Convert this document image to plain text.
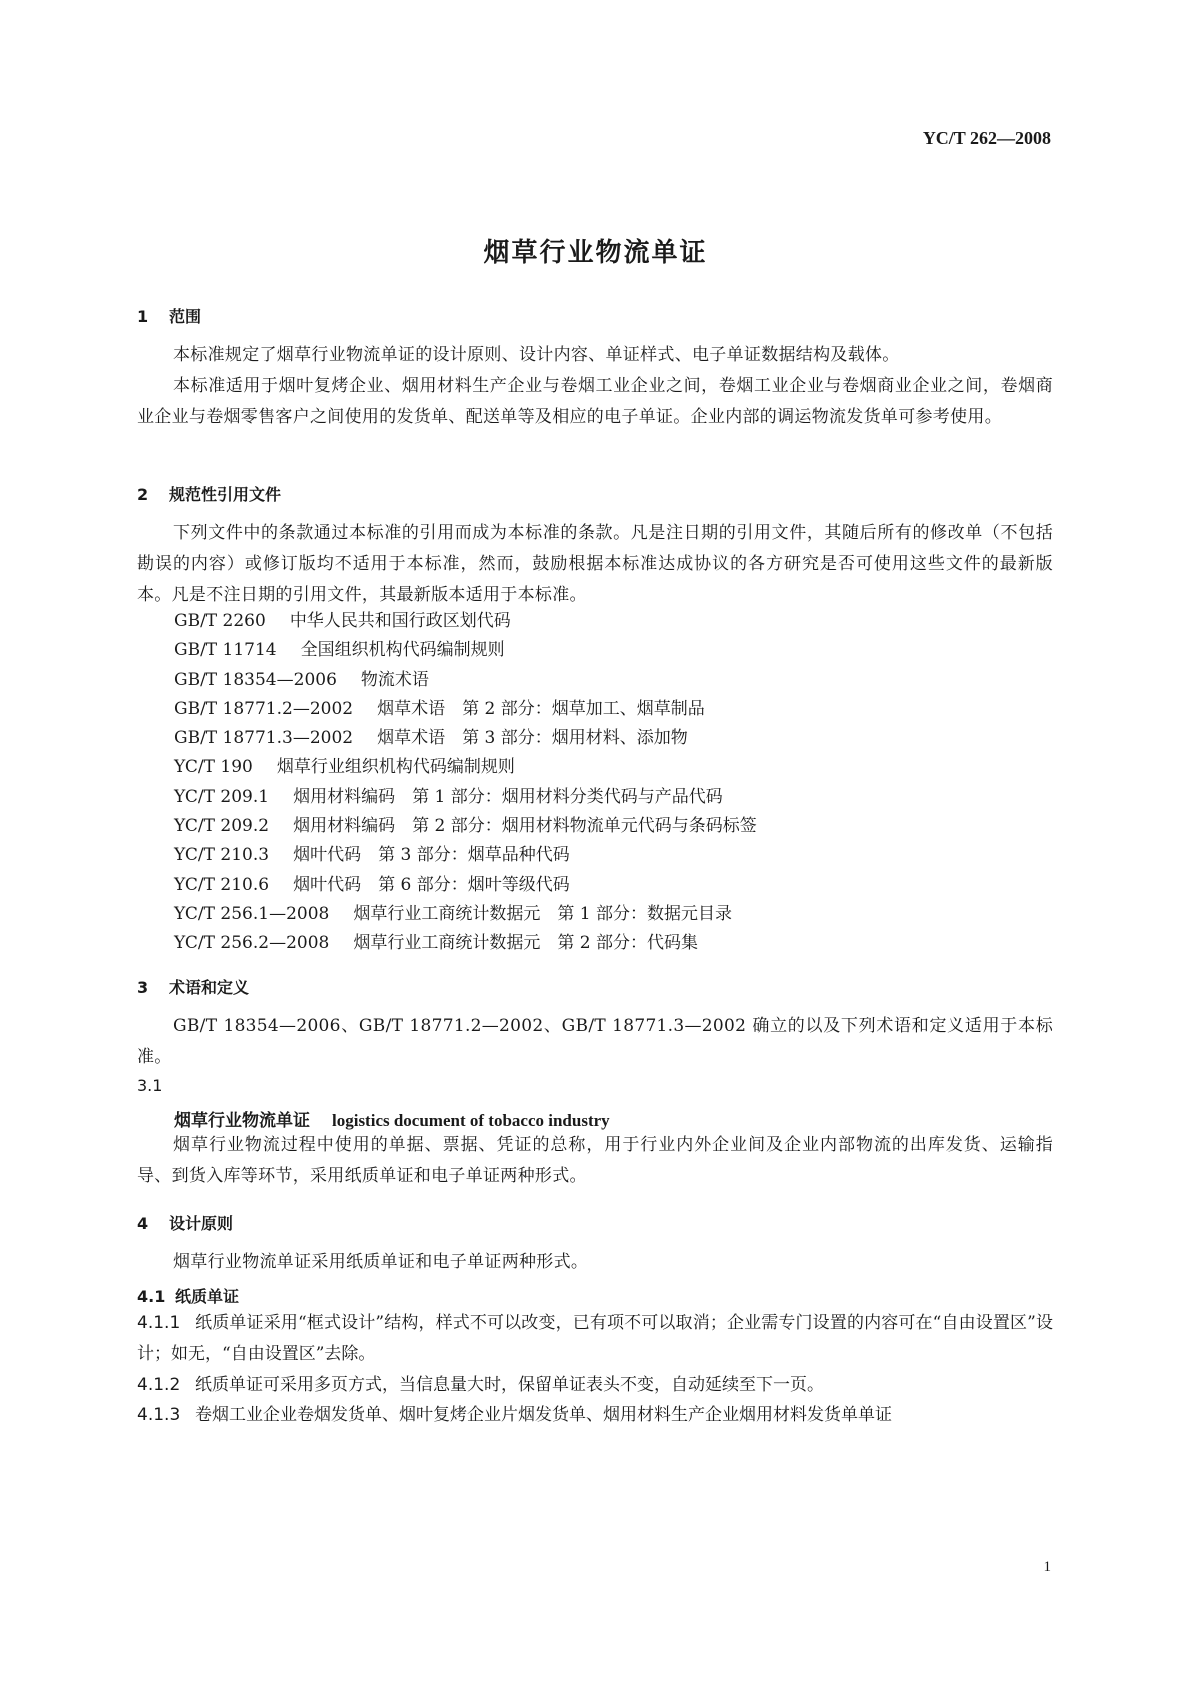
YC/T 262—2008
烟草行业物流单证
1 范围
本标准规定了烟草行业物流单证的设计原则、设计内容、单证样式、电子单证数据结构及载体。
本标准适用于烟叶复烤企业、烟用材料生产企业与卷烟工业企业之间，卷烟工业企业与卷烟商业企业之间，卷烟商业企业与卷烟零售客户之间使用的发货单、配送单等及相应的电子单证。企业内部的调运物流发货单可参考使用。
2 规范性引用文件
下列文件中的条款通过本标准的引用而成为本标准的条款。凡是注日期的引用文件，其随后所有的修改单（不包括勘误的内容）或修订版均不适用于本标准，然而，鼓励根据本标准达成协议的各方研究是否可使用这些文件的最新版本。凡是不注日期的引用文件，其最新版本适用于本标准。
GB/T 2260 中华人民共和国行政区划代码
GB/T 11714 全国组织机构代码编制规则
GB/T 18354—2006 物流术语
GB/T 18771.2—2002 烟草术语　第 2 部分：烟草加工、烟草制品
GB/T 18771.3—2002 烟草术语　第 3 部分：烟用材料、添加物
YC/T 190 烟草行业组织机构代码编制规则
YC/T 209.1 烟用材料编码　第 1 部分：烟用材料分类代码与产品代码
YC/T 209.2 烟用材料编码　第 2 部分：烟用材料物流单元代码与条码标签
YC/T 210.3 烟叶代码　第 3 部分：烟草品种代码
YC/T 210.6 烟叶代码　第 6 部分：烟叶等级代码
YC/T 256.1—2008 烟草行业工商统计数据元　第 1 部分：数据元目录
YC/T 256.2—2008 烟草行业工商统计数据元　第 2 部分：代码集
3 术语和定义
GB/T 18354—2006、GB/T 18771.2—2002、GB/T 18771.3—2002 确立的以及下列术语和定义适用于本标准。
3.1
烟草行业物流单证 logistics document of tobacco industry
烟草行业物流过程中使用的单据、票据、凭证的总称，用于行业内外企业间及企业内部物流的出库发货、运输指导、到货入库等环节，采用纸质单证和电子单证两种形式。
4 设计原则
烟草行业物流单证采用纸质单证和电子单证两种形式。
4.1 纸质单证
4.1.1 纸质单证采用“框式设计”结构，样式不可以改变，已有项不可以取消；企业需专门设置的内容可在“自由设置区”设计；如无，“自由设置区”去除。
4.1.2 纸质单证可采用多页方式，当信息量大时，保留单证表头不变，自动延续至下一页。
4.1.3 卷烟工业企业卷烟发货单、烟叶复烤企业片烟发货单、烟用材料生产企业烟用材料发货单单证
1
